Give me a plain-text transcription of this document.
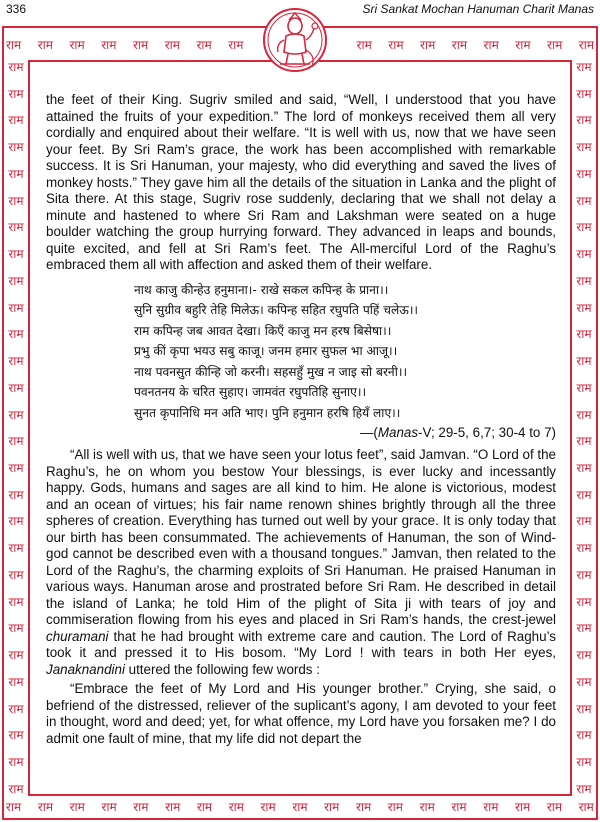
336	Sri Sankat Mochan Hanuman Charit Manas
राम राम राम राम राम राम राम राम	राम राम राम राम राम राम राम राम
राम राम राम राम राम राम राम राम राम राम राम राम राम राम राम राम राम राम राम
राम
राम
राम
राम
राम
राम
राम
राम
राम
राम
राम
राम
राम
राम
राम
राम
राम
राम
राम
राम
राम
राम
राम
राम
राम
राम
राम
राम
राम
राम
राम
राम
राम
राम
राम
राम
राम
राम
राम
राम
राम
राम
राम
राम
राम
राम
राम
राम
राम
राम
राम
राम
राम
राम
राम
राम

the feet of their King. Sugriv smiled and said, “Well, I understood that you have attained the fruits of your expedition.” The lord of monkeys received them all very cordially and enquired about their welfare. “It is well with us, now that we have seen your feet. By Sri Ram’s grace, the work has been accomplished with remarkable success. It is Sri Hanuman, your majesty, who did everything and saved the lives of monkey hosts.” They gave him all the details of the situation in Lanka and the plight of Sita there. At this stage, Sugriv rose suddenly, declaring that we shall not delay a minute and hastened to where Sri Ram and Lakshman were seated on a huge boulder watching the group hurrying forward. They advanced in leaps and bounds, quite excited, and fell at Sri Ram’s feet. The All-merciful Lord of the Raghu’s embraced them all with affection and asked them of their welfare.

नाथ काजु कीन्हेउ हनुमाना।- राखे सकल कपिन्ह के प्राना।।
सुनि सुग्रीव बहुरि तेहि मिलेऊ। कपिन्ह सहित रघुपति पहिं चलेऊ।।
राम कपिन्ह जब आवत देखा। किएँ काजु मन हरष बिसेषा।।
प्रभु कीं कृपा भयउ सबु काजू। जनम हमार सुफल भा आजू।।
नाथ पवनसुत कीन्हि जो करनी। सहसहुँ मुख न जाइ सो बरनी।।
पवनतनय के चरित सुहाए। जामवंत रघुपतिहि सुनाए।।
सुनत कृपानिधि मन अति भाए। पुनि हनुमान हरषि हियँ लाए।।

—(Manas-V; 29-5, 6,7; 30-4 to 7)

“All is well with us, that we have seen your lotus feet”, said Jamvan. “O Lord of the Raghu’s, he on whom you bestow Your blessings, is ever lucky and incessantly happy. Gods, humans and sages are all kind to him. He alone is victorious, modest and an ocean of virtues; his fair name renown shines brightly through all the three spheres of creation. Everything has turned out well by your grace. It is only today that our birth has been consummated. The achievements of Hanuman, the son of Wind-god cannot be described even with a thousand tongues.” Jamvan, then related to the Lord of the Raghu’s, the charming exploits of Sri Hanuman. He praised Hanuman in various ways. Hanuman arose and prostrated before Sri Ram. He described in detail the island of Lanka; he told Him of the plight of Sita ji with tears of joy and commiseration flowing from his eyes and placed in Sri Ram’s hands, the crest-jewel churamani that he had brought with extreme care and caution. The Lord of Raghu’s took it and pressed it to His bosom. “My Lord ! with tears in both Her eyes, Janaknandini uttered the following few words :

“Embrace the feet of My Lord and His younger brother.” Crying, she said, o befriend of the distressed, reliever of the suplicant’s agony, I am devoted to your feet in thought, word and deed; yet, for what offence, my Lord have you forsaken me? I do admit one fault of mine, that my life did not depart the
